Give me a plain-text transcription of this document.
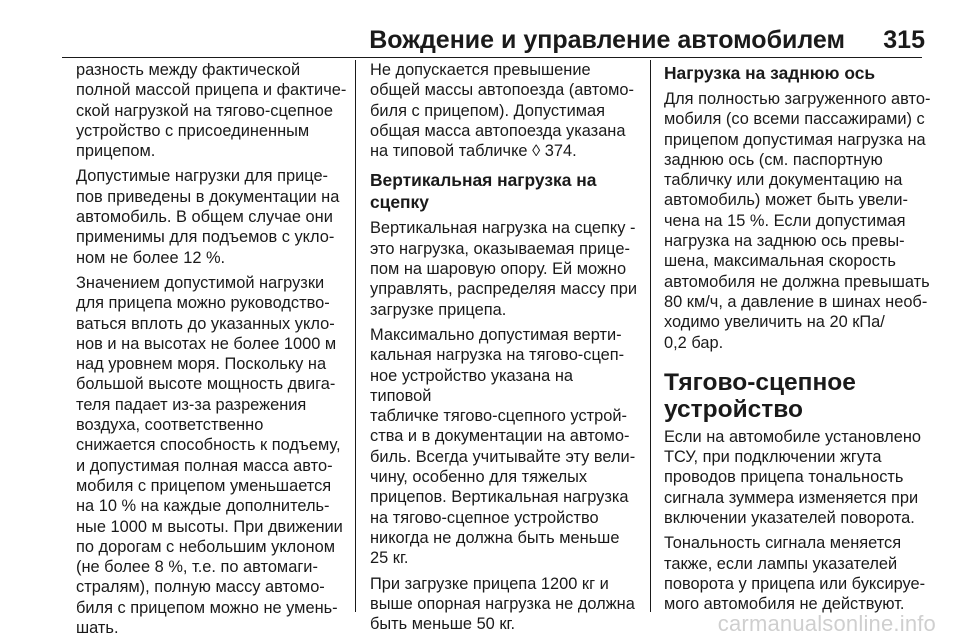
Вождение и управление автомобилем 315

разность между фактической
полной массой прицепа и фактиче‐
ской нагрузкой на тягово-сцепное
устройство с присоединенным
прицепом.

Допустимые нагрузки для прице‐
пов приведены в документации на
автомобиль. В общем случае они
применимы для подъемов с укло‐
ном не более 12 %.

Значением допустимой нагрузки
для прицепа можно руководство‐
ваться вплоть до указанных укло‐
нов и на высотах не более 1000 м
над уровнем моря. Поскольку на
большой высоте мощность двига‐
теля падает из-за разрежения
воздуха, соответственно
снижается способность к подъему,
и допустимая полная масса авто‐
мобиля с прицепом уменьшается
на 10 % на каждые дополнитель‐
ные 1000 м высоты. При движении
по дорогам с небольшим уклоном
(не более 8 %, т.е. по автомаги‐
стралям), полную массу автомо‐
биля с прицепом можно не умень‐
шать.

Не допускается превышение
общей массы автопоезда (автомо‐
биля с прицепом). Допустимая
общая масса автопоезда указана
на типовой табличке ◊ 374.

Вертикальная нагрузка на
сцепку

Вертикальная нагрузка на сцепку -
это нагрузка, оказываемая прице‐
пом на шаровую опору. Ей можно
управлять, распределяя массу при
загрузке прицепа.

Максимально допустимая верти‐
кальная нагрузка на тягово-сцеп‐
ное устройство указана на типовой
табличке тягово-сцепного устрой‐
ства и в документации на автомо‐
биль. Всегда учитывайте эту вели‐
чину, особенно для тяжелых
прицепов. Вертикальная нагрузка
на тягово-сцепное устройство
никогда не должна быть меньше
25 кг.

При загрузке прицепа 1200 кг и
выше опорная нагрузка не должна
быть меньше 50 кг.

Нагрузка на заднюю ось

Для полностью загруженного авто‐
мобиля (со всеми пассажирами) с
прицепом допустимая нагрузка на
заднюю ось (см. паспортную
табличку или документацию на
автомобиль) может быть увели‐
чена на 15 %. Если допустимая
нагрузка на заднюю ось превы‐
шена, максимальная скорость
автомобиля не должна превышать
80 км/ч, а давление в шинах необ‐
ходимо увеличить на 20 кПа/
0,2 бар.

Тягово-сцепное
устройство

Если на автомобиле установлено
ТСУ, при подключении жгута
проводов прицепа тональность
сигнала зуммера изменяется при
включении указателей поворота.

Тональность сигнала меняется
также, если лампы указателей
поворота у прицепа или буксируе‐
мого автомобиля не действуют.

carmanualsonline.info
